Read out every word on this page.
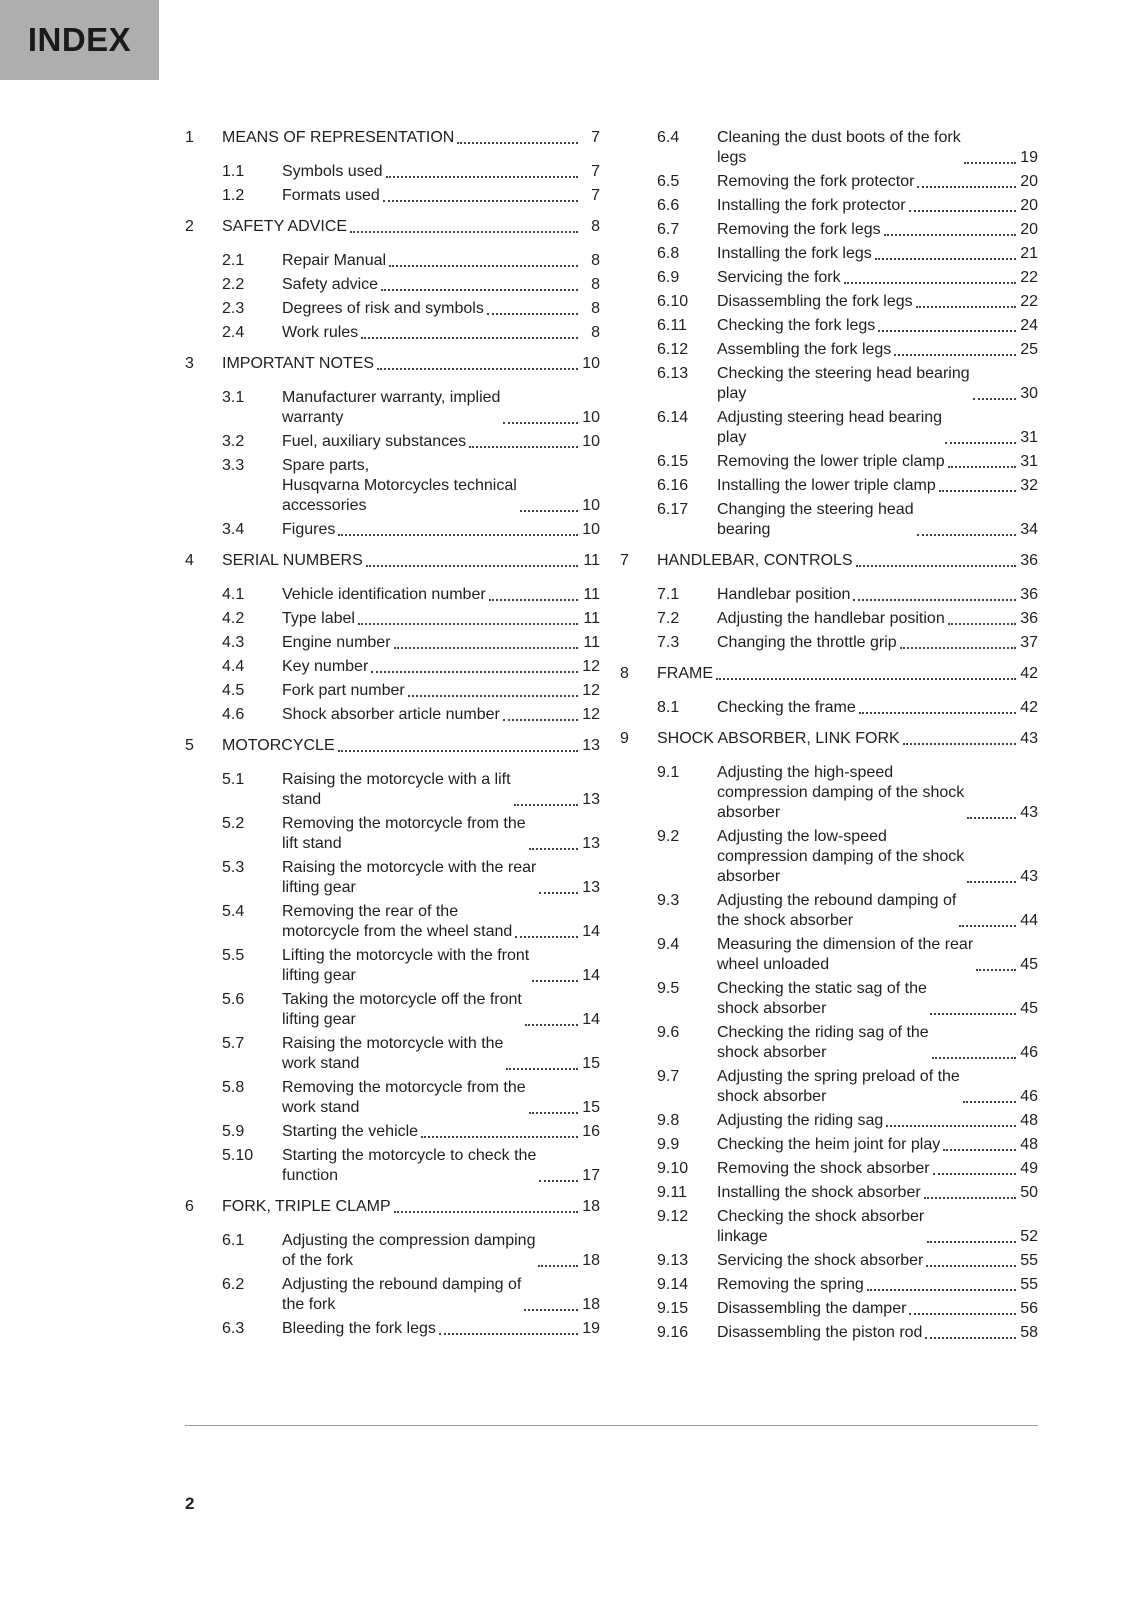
INDEX
1	MEANS OF REPRESENTATION	7
1.1	Symbols used	7
1.2	Formats used	7
2	SAFETY ADVICE	8
2.1	Repair Manual	8
2.2	Safety advice	8
2.3	Degrees of risk and symbols	8
2.4	Work rules	8
3	IMPORTANT NOTES	10
3.1	Manufacturer warranty, implied
warranty	10
3.2	Fuel, auxiliary substances	10
3.3	Spare parts,
Husqvarna Motorcycles technical
accessories	10
3.4	Figures	10
4	SERIAL NUMBERS	11
4.1	Vehicle identification number	11
4.2	Type label	11
4.3	Engine number	11
4.4	Key number	12
4.5	Fork part number	12
4.6	Shock absorber article number	12
5	MOTORCYCLE	13
5.1	Raising the motorcycle with a lift
stand	13
5.2	Removing the motorcycle from the
lift stand	13
5.3	Raising the motorcycle with the rear
lifting gear	13
5.4	Removing the rear of the
motorcycle from the wheel stand	14
5.5	Lifting the motorcycle with the front
lifting gear	14
5.6	Taking the motorcycle off the front
lifting gear	14
5.7	Raising the motorcycle with the
work stand	15
5.8	Removing the motorcycle from the
work stand	15
5.9	Starting the vehicle	16
5.10	Starting the motorcycle to check the
function	17
6	FORK, TRIPLE CLAMP	18
6.1	Adjusting the compression damping
of the fork	18
6.2	Adjusting the rebound damping of
the fork	18
6.3	Bleeding the fork legs	19
6.4	Cleaning the dust boots of the fork
legs	19
6.5	Removing the fork protector	20
6.6	Installing the fork protector	20
6.7	Removing the fork legs	20
6.8	Installing the fork legs	21
6.9	Servicing the fork	22
6.10	Disassembling the fork legs	22
6.11	Checking the fork legs	24
6.12	Assembling the fork legs	25
6.13	Checking the steering head bearing
play	30
6.14	Adjusting steering head bearing
play	31
6.15	Removing the lower triple clamp	31
6.16	Installing the lower triple clamp	32
6.17	Changing the steering head
bearing	34
7	HANDLEBAR, CONTROLS	36
7.1	Handlebar position	36
7.2	Adjusting the handlebar position	36
7.3	Changing the throttle grip	37
8	FRAME	42
8.1	Checking the frame	42
9	SHOCK ABSORBER, LINK FORK	43
9.1	Adjusting the high-speed
compression damping of the shock
absorber	43
9.2	Adjusting the low-speed
compression damping of the shock
absorber	43
9.3	Adjusting the rebound damping of
the shock absorber	44
9.4	Measuring the dimension of the rear
wheel unloaded	45
9.5	Checking the static sag of the
shock absorber	45
9.6	Checking the riding sag of the
shock absorber	46
9.7	Adjusting the spring preload of the
shock absorber	46
9.8	Adjusting the riding sag	48
9.9	Checking the heim joint for play	48
9.10	Removing the shock absorber	49
9.11	Installing the shock absorber	50
9.12	Checking the shock absorber
linkage	52
9.13	Servicing the shock absorber	55
9.14	Removing the spring	55
9.15	Disassembling the damper	56
9.16	Disassembling the piston rod	58
2
